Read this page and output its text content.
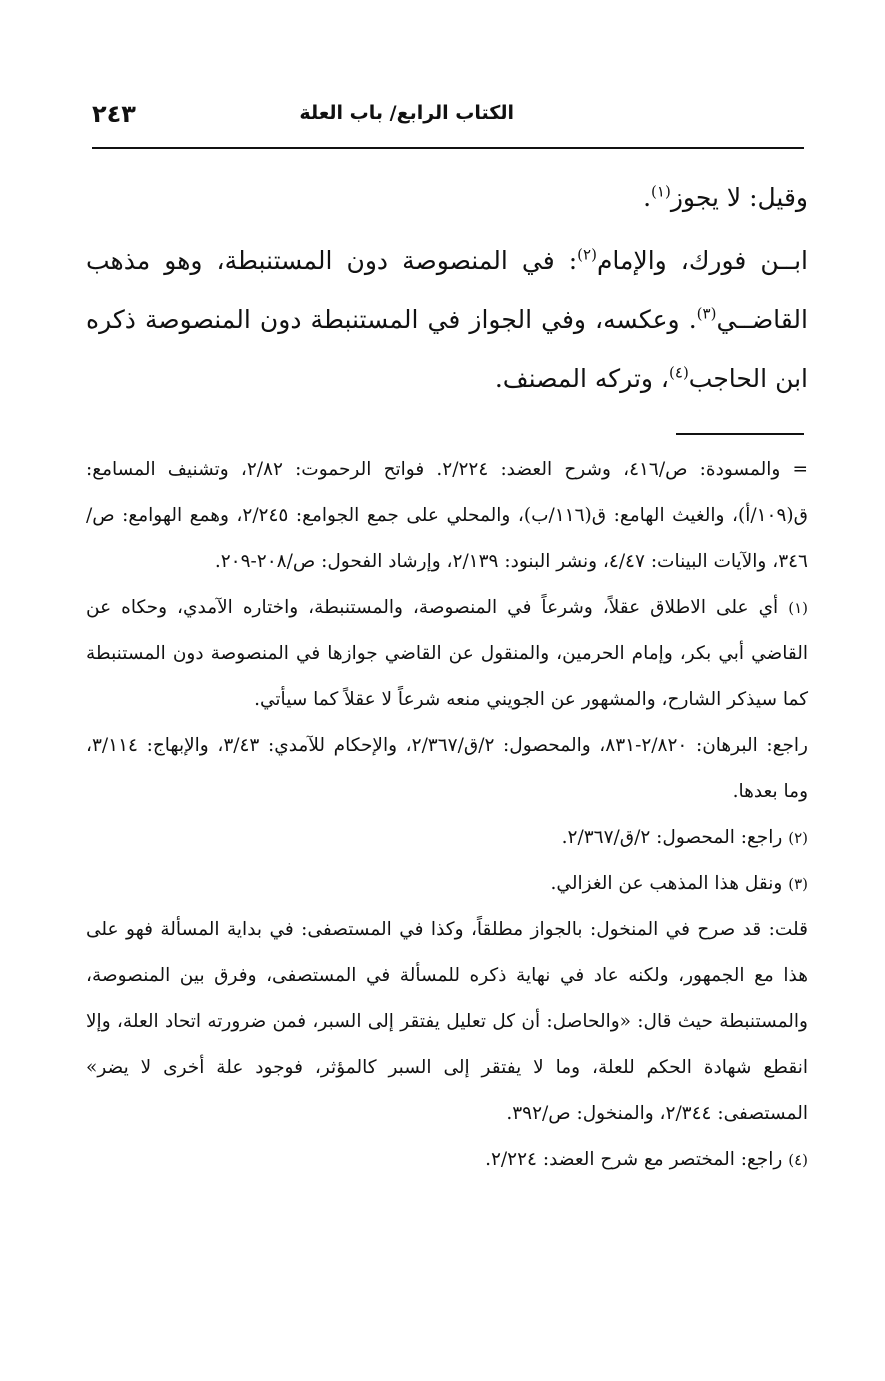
الكتاب الرابع/ باب العلة
٢٤٣

وقيل: لا يجوز$^{(١)}$.

ابــن فورك، والإمام$^{(٢)}$: في المنصوصة دون المستنبطة، وهو مذهب القاضــي$^{(٣)}$. وعكسه، وفي الجواز في المستنبطة دون المنصوصة ذكره ابن الحاجب$^{(٤)}$، وتركه المصنف.

= والمسودة: ص/٤١٦، وشرح العضد: ٢/٢٢٤. فواتح الرحموت: ٢/٨٢، وتشنيف المسامع: ق(١٠٩/أ)، والغيث الهامع: ق(١١٦/ب)، والمحلي على جمع الجوامع: ٢/٢٤٥، وهمع الهوامع: ص/٣٤٦، والآيات البينات: ٤/٤٧، ونشر البنود: ٢/١٣٩، وإرشاد الفحول: ص/٢٠٨-٢٠٩.

(١) أي على الاطلاق عقلاً، وشرعاً في المنصوصة، والمستنبطة، واختاره الآمدي، وحكاه عن القاضي أبي بكر، وإمام الحرمين، والمنقول عن القاضي جوازها في المنصوصة دون المستنبطة كما سيذكر الشارح، والمشهور عن الجويني منعه شرعاً لا عقلاً كما سيأتي.

راجع: البرهان: ٢/٨٢٠-٨٣١، والمحصول: ٢/ق/٢/٣٦٧، والإحكام للآمدي: ٣/٤٣، والإبهاج: ٣/١١٤، وما بعدها.

(٢) راجع: المحصول: ٢/ق/٢/٣٦٧.

(٣) ونقل هذا المذهب عن الغزالي.

قلت: قد صرح في المنخول: بالجواز مطلقاً، وكذا في المستصفى: في بداية المسألة فهو على هذا مع الجمهور، ولكنه عاد في نهاية ذكره للمسألة في المستصفى، وفرق بين المنصوصة، والمستنبطة حيث قال: «والحاصل: أن كل تعليل يفتقر إلى السبر، فمن ضرورته اتحاد العلة، وإلا انقطع شهادة الحكم للعلة، وما لا يفتقر إلى السبر كالمؤثر، فوجود علة أخرى لا يضر» المستصفى: ٢/٣٤٤، والمنخول: ص/٣٩٢.

(٤) راجع: المختصر مع شرح العضد: ٢/٢٢٤.
